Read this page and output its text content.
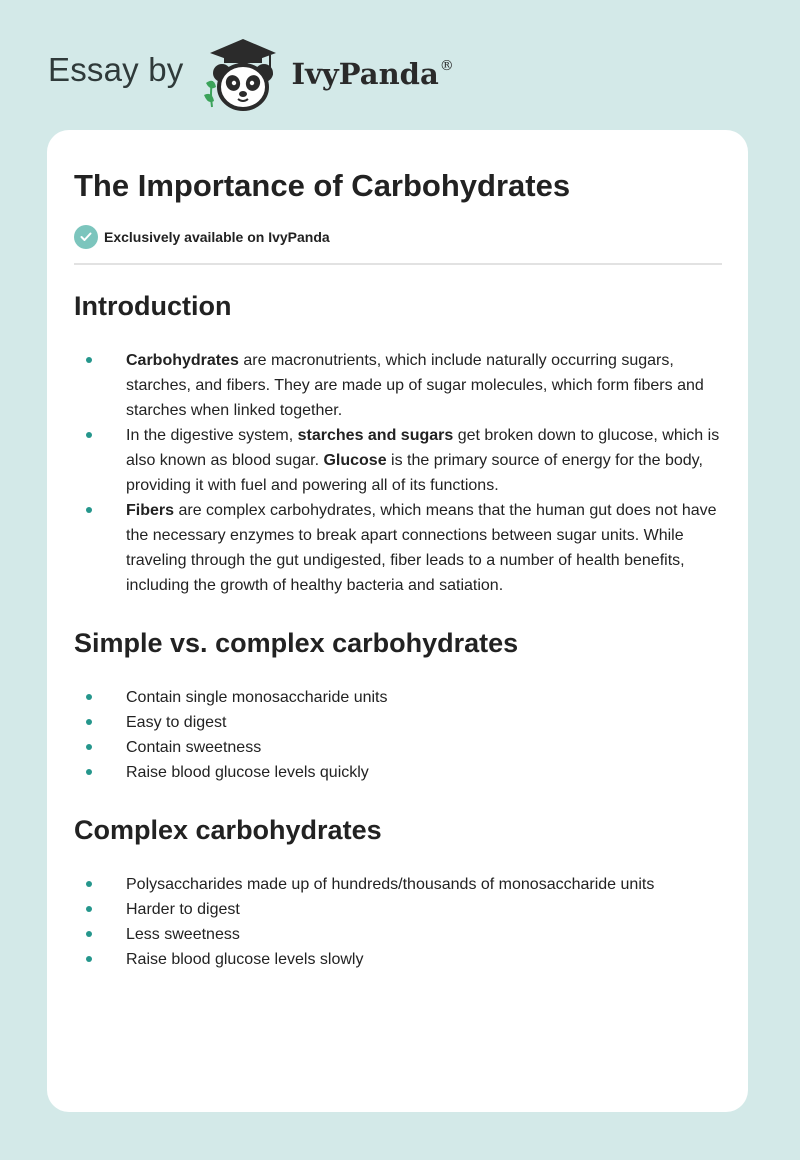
Essay by	IvyPanda®
The Importance of Carbohydrates
Exclusively available on IvyPanda
Introduction
Carbohydrates are macronutrients, which include naturally occurring sugars, starches, and fibers. They are made up of sugar molecules, which form fibers and starches when linked together.
In the digestive system, starches and sugars get broken down to glucose, which is also known as blood sugar. Glucose is the primary source of energy for the body, providing it with fuel and powering all of its functions.
Fibers are complex carbohydrates, which means that the human gut does not have the necessary enzymes to break apart connections between sugar units. While traveling through the gut undigested, fiber leads to a number of health benefits, including the growth of healthy bacteria and satiation.
Simple vs. complex carbohydrates
Contain single monosaccharide units
Easy to digest
Contain sweetness
Raise blood glucose levels quickly
Complex carbohydrates
Polysaccharides made up of hundreds/thousands of monosaccharide units
Harder to digest
Less sweetness
Raise blood glucose levels slowly
